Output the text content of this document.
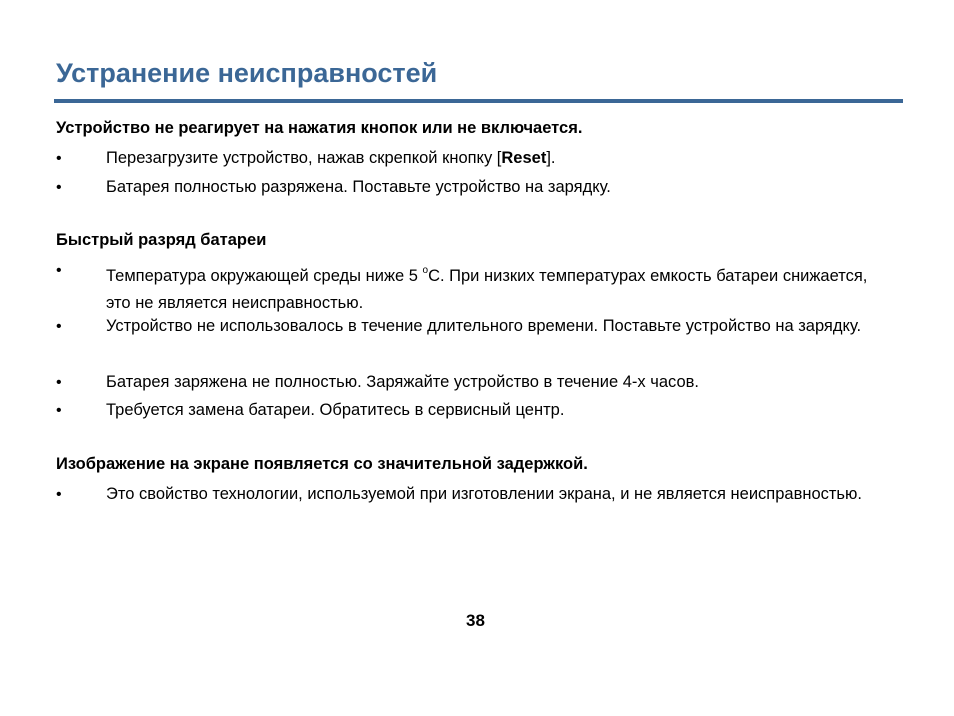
Устранение неисправностей
Устройство не реагирует на нажатия кнопок или не включается.
•	Перезагрузите устройство, нажав скрепкой кнопку [Reset].
•	Батарея полностью разряжена. Поставьте устройство на зарядку.
Быстрый разряд батареи
•	Температура окружающей среды ниже 5 $^o$С. При низких температурах емкость батареи снижается, это не является неисправностью.
•	Устройство не использовалось в течение длительного времени. Поставьте устройство на зарядку.
•	Батарея заряжена не полностью. Заряжайте устройство в течение 4-х часов.
•	Требуется замена батареи. Обратитесь в сервисный центр.
Изображение на экране появляется со значительной задержкой.
•	Это свойство технологии, используемой при изготовлении экрана, и не является неисправностью.
38
